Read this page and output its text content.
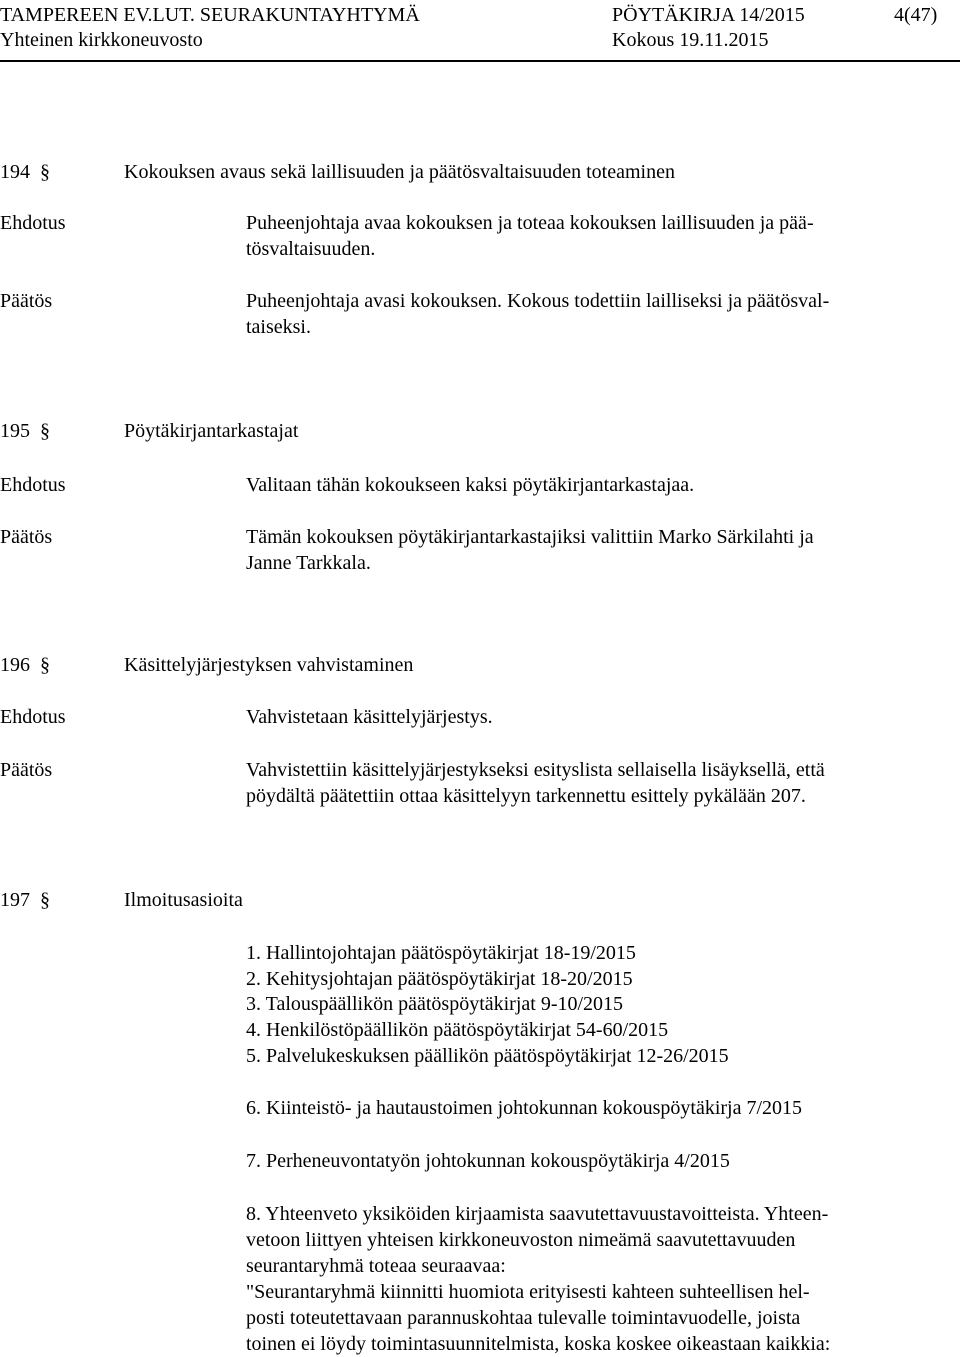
TAMPEREEN EV.LUT. SEURAKUNTAYHTYMÄ	PÖYTÄKIRJA 14/2015	4(47)
Yhteinen kirkkoneuvosto	Kokous 19.11.2015
194 §	Kokouksen avaus sekä laillisuuden ja päätösvaltaisuuden toteaminen
Ehdotus	Puheenjohtaja avaa kokouksen ja toteaa kokouksen laillisuuden ja pää-
tösvaltaisuuden.
Päätös	Puheenjohtaja avasi kokouksen. Kokous todettiin lailliseksi ja päätösval-
taiseksi.
195 §	Pöytäkirjantarkastajat
Ehdotus	Valitaan tähän kokoukseen kaksi pöytäkirjantarkastajaa.
Päätös	Tämän kokouksen pöytäkirjantarkastajiksi valittiin Marko Särkilahti ja
Janne Tarkkala.
196 §	Käsittelyjärjestyksen vahvistaminen
Ehdotus	Vahvistetaan käsittelyjärjestys.
Päätös	Vahvistettiin käsittelyjärjestykseksi esityslista sellaisella lisäyksellä, että
pöydältä päätettiin ottaa käsittelyyn tarkennettu esittely pykälään 207.
197 §	Ilmoitusasioita
1. Hallintojohtajan päätöspöytäkirjat 18-19/2015
2. Kehitysjohtajan päätöspöytäkirjat 18-20/2015
3. Talouspäällikön päätöspöytäkirjat 9-10/2015
4. Henkilöstöpäällikön päätöspöytäkirjat 54-60/2015
5. Palvelukeskuksen päällikön päätöspöytäkirjat 12-26/2015
6. Kiinteistö- ja hautaustoimen johtokunnan kokouspöytäkirja 7/2015
7. Perheneuvontatyön johtokunnan kokouspöytäkirja 4/2015
8. Yhteenveto yksiköiden kirjaamista saavutettavuustavoitteista. Yhteen-
vetoon liittyen yhteisen kirkkoneuvoston nimeämä saavutettavuuden
seurantaryhmä toteaa seuraavaa:
"Seurantaryhmä kiinnitti huomiota erityisesti kahteen suhteellisen hel-
posti toteutettavaan parannuskohtaa tulevalle toimintavuodelle, joista
toinen ei löydy toimintasuunnitelmista, koska koskee oikeastaan kaikkia:
